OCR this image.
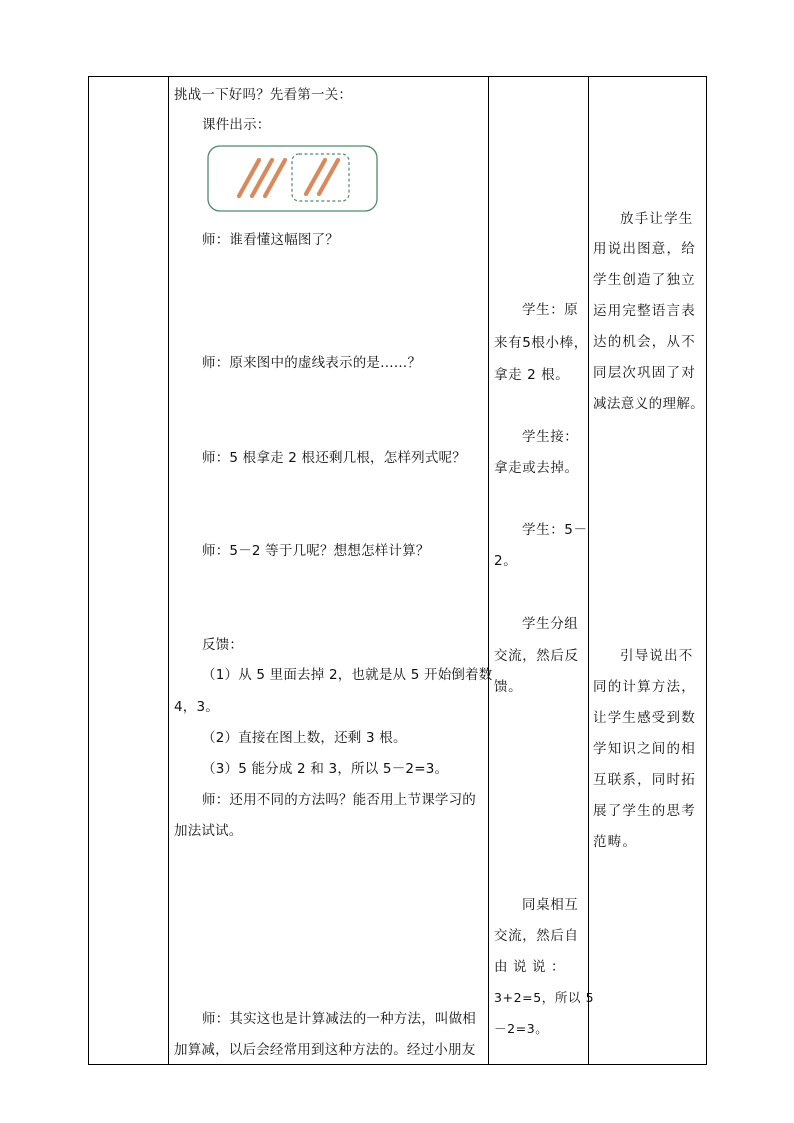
挑战一下好吗？先看第一关：
课件出示：
师：谁看懂这幅图了？
师：原来图中的虚线表示的是……？
师：5 根拿走 2 根还剩几根，怎样列式呢？
师：5－2 等于几呢？想想怎样计算？
反馈：
（1）从 5 里面去掉 2，也就是从 5 开始倒着数
4，3。
（2）直接在图上数，还剩 3 根。
（3）5 能分成 2 和 3，所以 5－2=3。
师：还用不同的方法吗？能否用上节课学习的
加法试试。
师：其实这也是计算减法的一种方法，叫做相
加算减，以后会经常用到这种方法的。经过小朋友
学生：原
来有5根小棒，
拿走 2 根。
学生接：
拿走或去掉。
学生：5－
2。
学生分组
交流，然后反
馈。
同桌相互
交流，然后自
由 说 说 ：
3+2=5，所以 5
－2=3。
放手让学生
用说出图意，给
学生创造了独立
运用完整语言表
达的机会，从不
同层次巩固了对
减法意义的理解。
引导说出不
同的计算方法，
让学生感受到数
学知识之间的相
互联系，同时拓
展了学生的思考
范畴。
